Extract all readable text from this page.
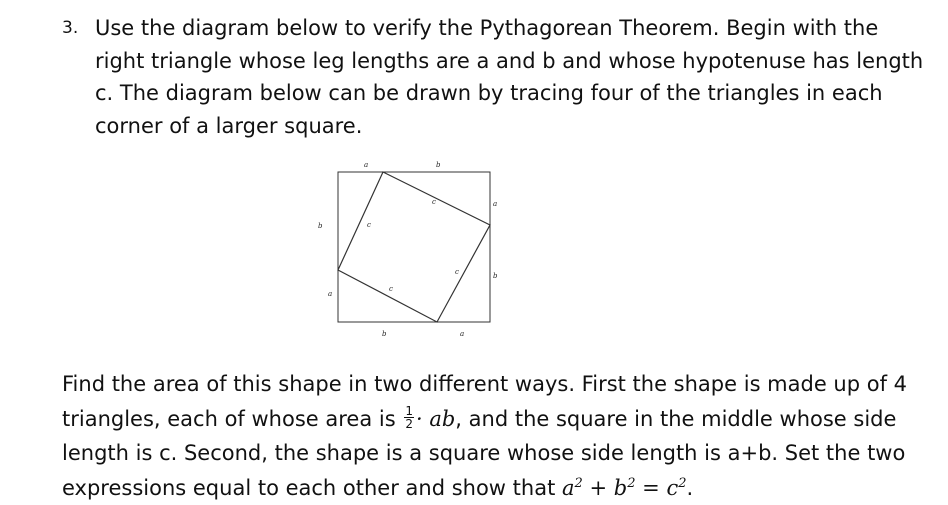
3. Use the diagram below to verify the Pythagorean Theorem. Begin with the
right triangle whose leg lengths are a and b and whose hypotenuse has length
c. The diagram below can be drawn by tracing four of the triangles in each
corner of a larger square.

a	b
b
a
a
b
b	a
c
c
c
c

Find the area of this shape in two different ways. First the shape is made up of 4
triangles, each of whose area is $\frac{1}{2}$ · ab, and the square in the middle whose side
length is c. Second, the shape is a square whose side length is a+b. Set the two
expressions equal to each other and show that $a^2 + b^2 = c^2$.
